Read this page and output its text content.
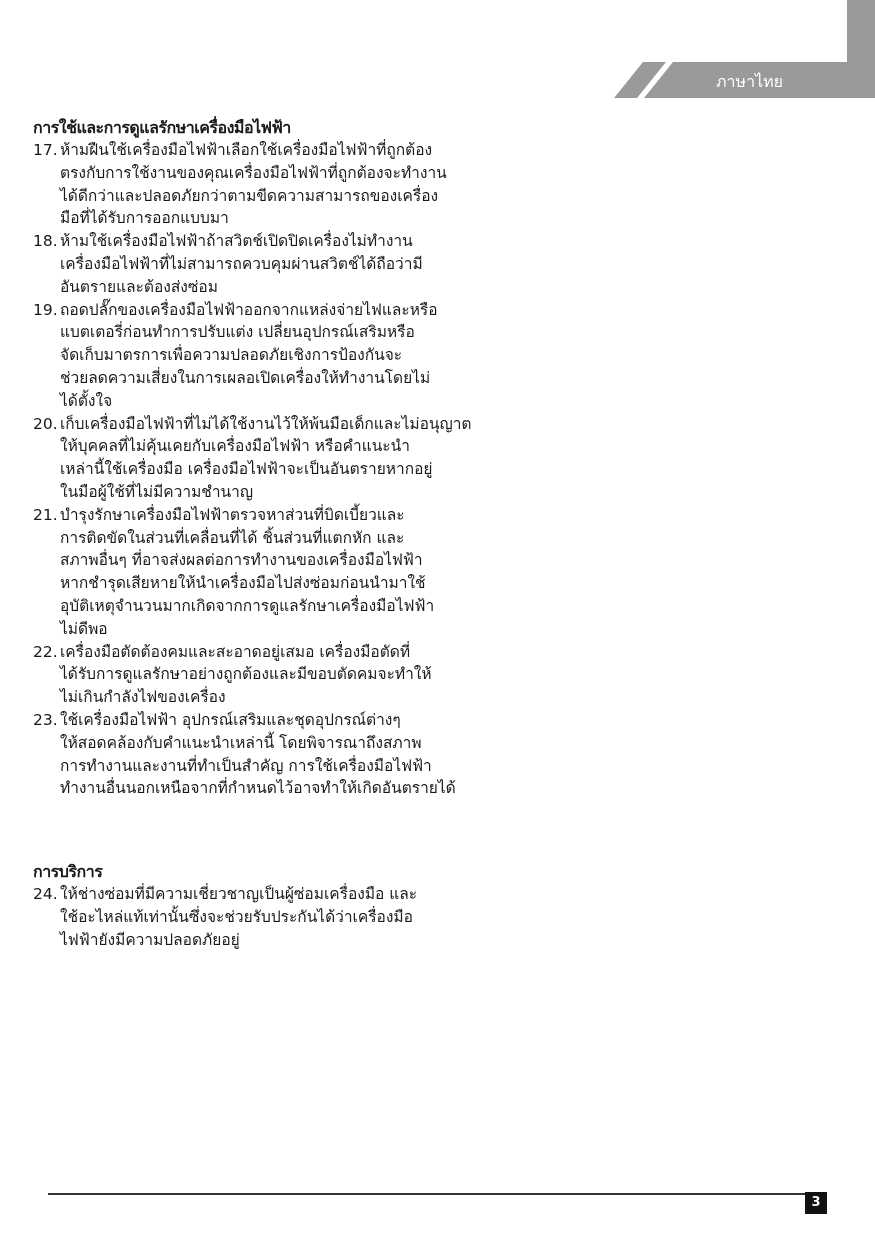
ภาษาไทย
การใช้และการดูแลรักษาเครื่องมือไฟฟ้า
17. ห้ามฝืนใช้เครื่องมือไฟฟ้าเลือกใช้เครื่องมือไฟฟ้าที่ถูกต้อง
ตรงกับการใช้งานของคุณเครื่องมือไฟฟ้าที่ถูกต้องจะทำงาน
ได้ดีกว่าและปลอดภัยกว่าตามขีดความสามารถของเครื่อง
มือที่ได้รับการออกแบบมา
18. ห้ามใช้เครื่องมือไฟฟ้าถ้าสวิตช์เปิดปิดเครื่องไม่ทำงาน
เครื่องมือไฟฟ้าที่ไม่สามารถควบคุมผ่านสวิตช์ได้ถือว่ามี
อันตรายและต้องส่งซ่อม
19. ถอดปลั๊กของเครื่องมือไฟฟ้าออกจากแหล่งจ่ายไฟและหรือ
แบตเตอรี่ก่อนทำการปรับแต่ง เปลี่ยนอุปกรณ์เสริมหรือ
จัดเก็บมาตรการเพื่อความปลอดภัยเชิงการป้องกันจะ
ช่วยลดความเสี่ยงในการเผลอเปิดเครื่องให้ทำงานโดยไม่
ได้ตั้งใจ
20. เก็บเครื่องมือไฟฟ้าที่ไม่ได้ใช้งานไว้ให้พ้นมือเด็กและไม่อนุญาต
ให้บุคคลที่ไม่คุ้นเคยกับเครื่องมือไฟฟ้า หรือคำแนะนำ
เหล่านี้ใช้เครื่องมือ เครื่องมือไฟฟ้าจะเป็นอันตรายหากอยู่
ในมือผู้ใช้ที่ไม่มีความชำนาญ
21. บำรุงรักษาเครื่องมือไฟฟ้าตรวจหาส่วนที่บิดเบี้ยวและ
การติดขัดในส่วนที่เคลื่อนที่ได้ ชิ้นส่วนที่แตกหัก และ
สภาพอื่นๆ ที่อาจส่งผลต่อการทำงานของเครื่องมือไฟฟ้า
หากชำรุดเสียหายให้นำเครื่องมือไปส่งซ่อมก่อนนำมาใช้
อุบัติเหตุจำนวนมากเกิดจากการดูแลรักษาเครื่องมือไฟฟ้า
ไม่ดีพอ
22. เครื่องมือตัดต้องคมและสะอาดอยู่เสมอ เครื่องมือตัดที่
ได้รับการดูแลรักษาอย่างถูกต้องและมีขอบตัดคมจะทำให้
ไม่เกินกำลังไฟของเครื่อง
23. ใช้เครื่องมือไฟฟ้า อุปกรณ์เสริมและชุดอุปกรณ์ต่างๆ
ให้สอดคล้องกับคำแนะนำเหล่านี้ โดยพิจารณาถึงสภาพ
การทำงานและงานที่ทำเป็นสำคัญ การใช้เครื่องมือไฟฟ้า
ทำงานอื่นนอกเหนือจากที่กำหนดไว้อาจทำให้เกิดอันตรายได้
การบริการ
24. ให้ช่างซ่อมที่มีความเชี่ยวชาญเป็นผู้ซ่อมเครื่องมือ และ
ใช้อะไหล่แท้เท่านั้นซึ่งจะช่วยรับประกันได้ว่าเครื่องมือ
ไฟฟ้ายังมีความปลอดภัยอยู่
3
